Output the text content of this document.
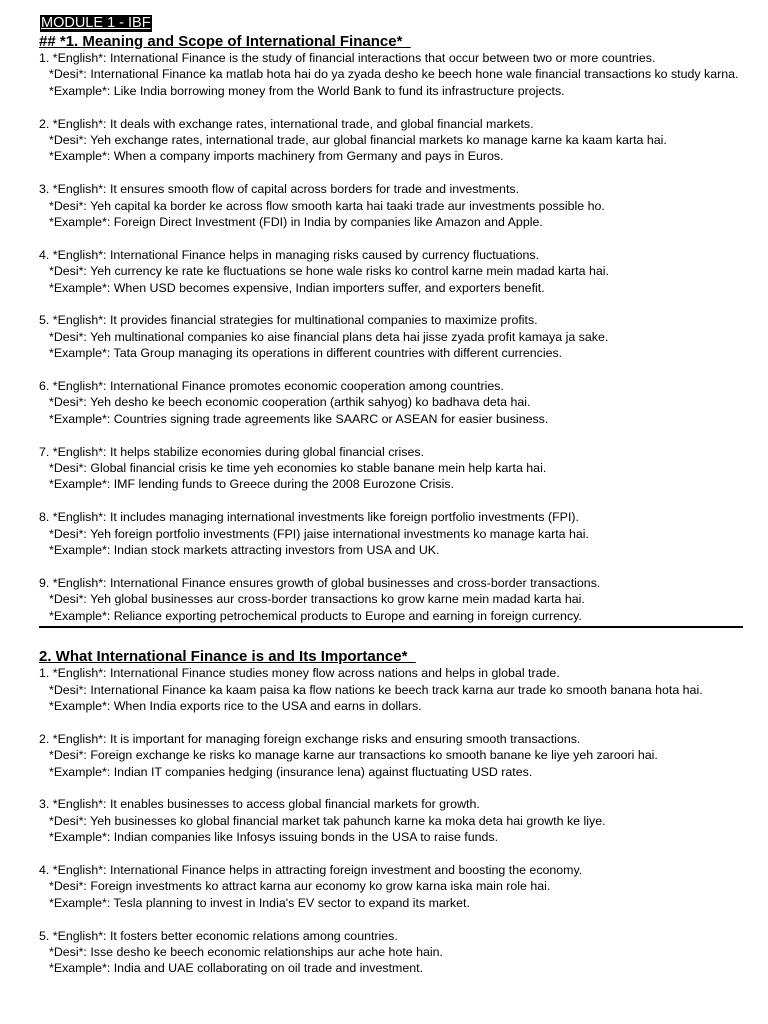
MODULE 1 - IBF
## *1. Meaning and Scope of International Finance*
1. *English*: International Finance is the study of financial interactions that occur between two or more countries.
*Desi*: International Finance ka matlab hota hai do ya zyada desho ke beech hone wale financial transactions ko study karna.
*Example*: Like India borrowing money from the World Bank to fund its infrastructure projects.
2. *English*: It deals with exchange rates, international trade, and global financial markets.
*Desi*: Yeh exchange rates, international trade, aur global financial markets ko manage karne ka kaam karta hai.
*Example*: When a company imports machinery from Germany and pays in Euros.
3. *English*: It ensures smooth flow of capital across borders for trade and investments.
*Desi*: Yeh capital ka border ke across flow smooth karta hai taaki trade aur investments possible ho.
*Example*: Foreign Direct Investment (FDI) in India by companies like Amazon and Apple.
4. *English*: International Finance helps in managing risks caused by currency fluctuations.
*Desi*: Yeh currency ke rate ke fluctuations se hone wale risks ko control karne mein madad karta hai.
*Example*: When USD becomes expensive, Indian importers suffer, and exporters benefit.
5. *English*: It provides financial strategies for multinational companies to maximize profits.
*Desi*: Yeh multinational companies ko aise financial plans deta hai jisse zyada profit kamaya ja sake.
*Example*: Tata Group managing its operations in different countries with different currencies.
6. *English*: International Finance promotes economic cooperation among countries.
*Desi*: Yeh desho ke beech economic cooperation (arthik sahyog) ko badhava deta hai.
*Example*: Countries signing trade agreements like SAARC or ASEAN for easier business.
7. *English*: It helps stabilize economies during global financial crises.
*Desi*: Global financial crisis ke time yeh economies ko stable banane mein help karta hai.
*Example*: IMF lending funds to Greece during the 2008 Eurozone Crisis.
8. *English*: It includes managing international investments like foreign portfolio investments (FPI).
*Desi*: Yeh foreign portfolio investments (FPI) jaise international investments ko manage karta hai.
*Example*: Indian stock markets attracting investors from USA and UK.
9. *English*: International Finance ensures growth of global businesses and cross-border transactions.
*Desi*: Yeh global businesses aur cross-border transactions ko grow karne mein madad karta hai.
*Example*: Reliance exporting petrochemical products to Europe and earning in foreign currency.
2. What International Finance is and Its Importance*
1. *English*: International Finance studies money flow across nations and helps in global trade.
*Desi*: International Finance ka kaam paisa ka flow nations ke beech track karna aur trade ko smooth banana hota hai.
*Example*: When India exports rice to the USA and earns in dollars.
2. *English*: It is important for managing foreign exchange risks and ensuring smooth transactions.
*Desi*: Foreign exchange ke risks ko manage karne aur transactions ko smooth banane ke liye yeh zaroori hai.
*Example*: Indian IT companies hedging (insurance lena) against fluctuating USD rates.
3. *English*: It enables businesses to access global financial markets for growth.
*Desi*: Yeh businesses ko global financial market tak pahunch karne ka moka deta hai growth ke liye.
*Example*: Indian companies like Infosys issuing bonds in the USA to raise funds.
4. *English*: International Finance helps in attracting foreign investment and boosting the economy.
*Desi*: Foreign investments ko attract karna aur economy ko grow karna iska main role hai.
*Example*: Tesla planning to invest in India's EV sector to expand its market.
5. *English*: It fosters better economic relations among countries.
*Desi*: Isse desho ke beech economic relationships aur ache hote hain.
*Example*: India and UAE collaborating on oil trade and investment.
